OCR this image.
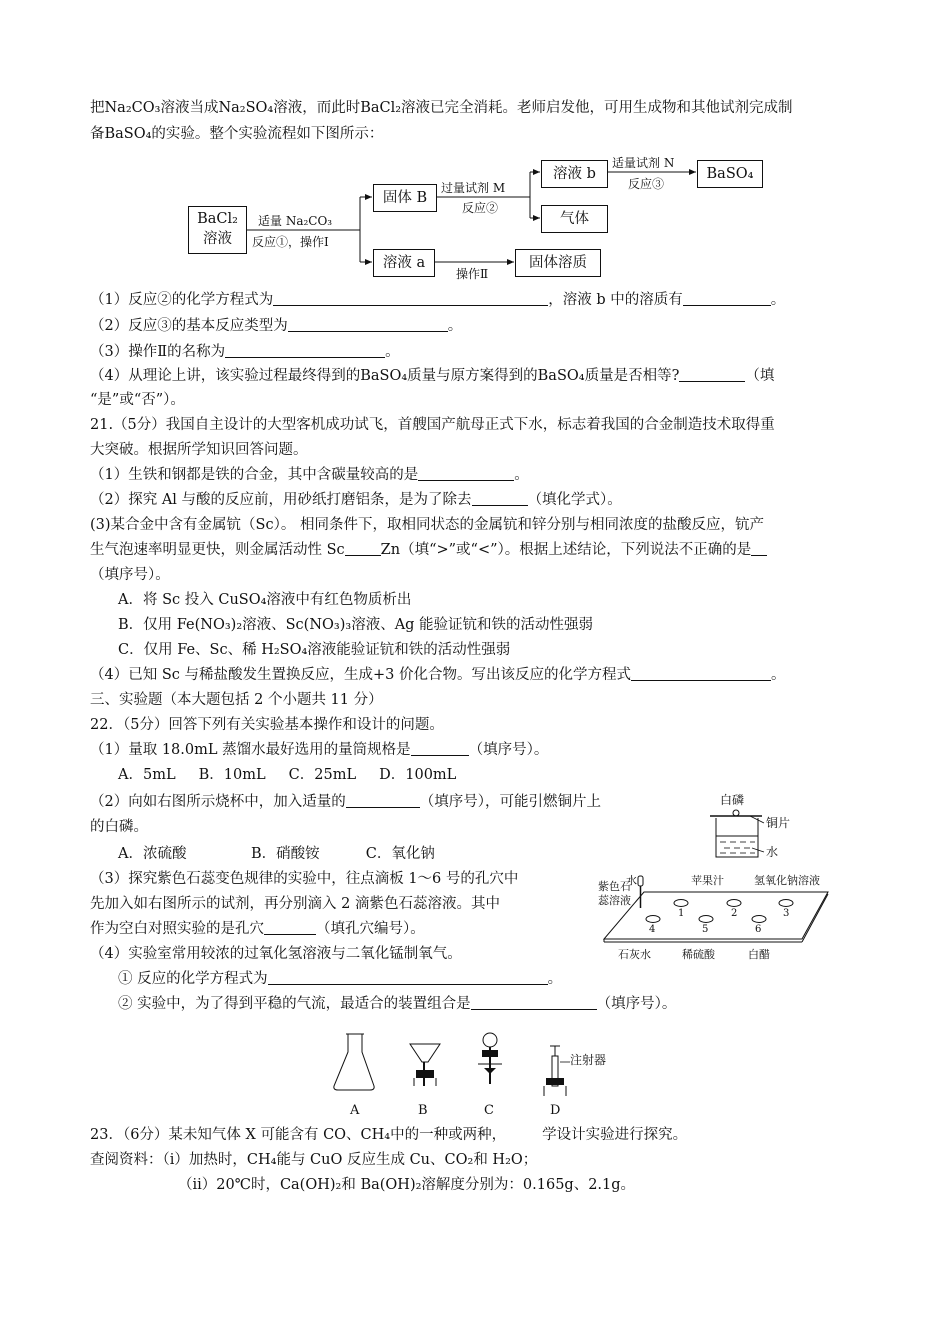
把Na₂CO₃溶液当成Na₂SO₄溶液，而此时BaCl₂溶液已完全消耗。老师启发他，可用生成物和其他试剂完成制
备BaSO₄的实验。整个实验流程如下图所示：
适量 Na₂CO₃
反应①，操作Ⅰ
过量试剂 M
反应②
适量试剂 N
反应③
操作Ⅱ
BaCl₂
溶液
固体 B
溶液 a
溶液 b
气体
固体溶质
BaSO₄
（1）反应②的化学方程式为	，溶液 b 中的溶质有	。
（2）反应③的基本反应类型为	。
（3）操作Ⅱ的名称为	。
（4）从理论上讲，该实验过程最终得到的BaSO₄质量与原方案得到的BaSO₄质量是否相等?	（填
“是”或“否”）。
21.（5分）我国自主设计的大型客机成功试飞，首艘国产航母正式下水，标志着我国的合金制造技术取得重
大突破。根据所学知识回答问题。
（1）生铁和钢都是铁的合金，其中含碳量较高的是	。
（2）探究 Al 与酸的反应前，用砂纸打磨铝条，是为了除去	（填化学式）。
(3)某合金中含有金属钪（Sc）。 相同条件下，取相同状态的金属钪和锌分别与相同浓度的盐酸反应，钪产
生气泡速率明显更快，则金属活动性 Sc Zn（填“>”或“<”）。根据上述结论，下列说法不正确的是
（填序号）。
A．将 Sc 投入 CuSO₄溶液中有红色物质析出
B．仅用 Fe(NO₃)₂溶液、Sc(NO₃)₃溶液、Ag 能验证钪和铁的活动性强弱
C．仅用 Fe、Sc、稀 H₂SO₄溶液能验证钪和铁的活动性强弱
（4）已知 Sc 与稀盐酸发生置换反应，生成+3 价化合物。写出该反应的化学方程式	。
三、实验题（本大题包括 2 个小题共 11 分）
22．（5分）回答下列有关实验基本操作和设计的问题。
（1）量取 18.0mL 蒸馏水最好选用的量筒规格是	（填序号）。
A．5mL     B．10mL     C．25mL     D．100mL
（2）向如右图所示烧杯中，加入适量的	（填序号），可能引燃铜片上
的白磷。
A．浓硫酸              B．硝酸铵          C．氧化钠
（3）探究紫色石蕊变色规律的实验中，往点滴板 1～6 号的孔穴中
先加入如右图所示的试剂，再分别滴入 2 滴紫色石蕊溶液。其中
作为空白对照实验的是孔穴	（填孔穴编号）。
（4）实验室常用较浓的过氧化氢溶液与二氧化锰制氧气。
① 反应的化学方程式为	。
② 实验中，为了得到平稳的气流，最适合的装置组合是	（填序号）。
白磷
铜片
水
水	苹果汁	氢氧化钠溶液
紫色石
蕊溶液
1	2	3
4	5	6
石灰水	稀硫酸	白醋
注射器
A	B	C	D
23．（6分）某未知气体 X 可能含有 CO、CH₄中的一种或两种， 学设计实验进行探究。
查阅资料：（ⅰ）加热时，CH₄能与 CuO 反应生成 Cu、CO₂和 H₂O；
（ⅱ）20℃时，Ca(OH)₂和 Ba(OH)₂溶解度分别为：0.165g、2.1g。
